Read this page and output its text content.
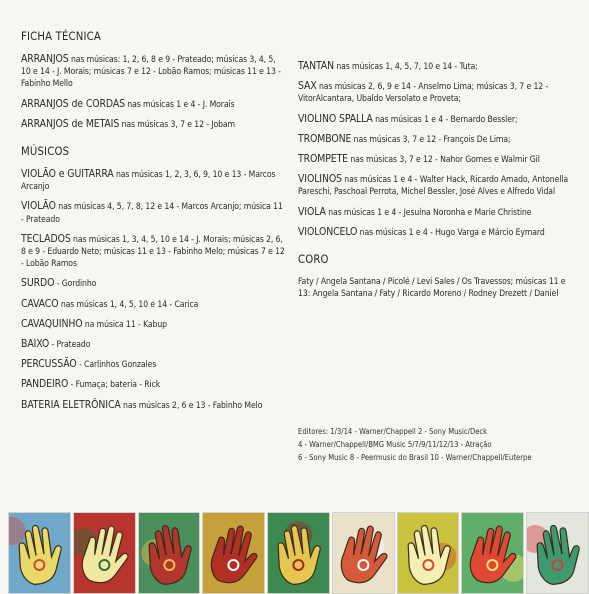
FICHA TÉCNICA

ARRANJOS nas músicas: 1, 2, 6, 8 e 9 - Prateado; músicas 3, 4, 5, 10 e 14 - J. Morais; músicas 7 e 12 - Lobão Ramos; músicas 11 e 13 - Fabinho Mello

ARRANJOS de CORDAS nas músicas 1 e 4 - J. Morais

ARRANJOS de METAIS nas músicas 3, 7 e 12 - Jobam

MÚSICOS

VIOLÃO e GUITARRA nas músicas 1, 2, 3, 6, 9, 10 e 13 - Marcos Arcanjo

VIOLÃO nas músicas 4, 5, 7, 8, 12 e 14 - Marcos Arcanjo; música 11 - Prateado

TECLADOS nas músicas 1, 3, 4, 5, 10 e 14 - J. Morais; músicas 2, 6, 8 e 9 - Eduardo Neto; músicas 11 e 13 - Fabinho Melo; músicas 7 e 12 - Lobão Ramos

SURDO - Gordinho

CAVACO nas músicas 1, 4, 5, 10 e 14 - Carica

CAVAQUINHO na música 11 - Kabup

BAIXO - Prateado

PERCUSSÃO - Carlinhos Gonzales

PANDEIRO - Fumaça; bateria - Rick

BATERIA ELETRÔNICA nas músicas 2, 6 e 13 - Fabinho Melo

TANTAN nas músicas 1, 4, 5, 7, 10 e 14 - Tuta;

SAX nas músicas 2, 6, 9 e 14 - Anselmo Lima; músicas 3, 7 e 12 - VitorAlcantara, Ubaldo Versolato e Proveta;

VIOLINO SPALLA nas músicas 1 e 4 - Bernardo Bessler;

TROMBONE nas músicas 3, 7 e 12 - François De Lima;

TROMPETE nas músicas 3, 7 e 12 - Nahor Gomes e Walmir Gil

VIOLINOS nas músicas 1 e 4 - Walter Hack, Ricardo Amado, Antonella Pareschi, Paschoal Perrota, Michel Bessler, José Alves e Alfredo Vidal

VIOLA nas músicas 1 e 4 - Jesuína Noronha e Marie Christine

VIOLONCELO nas músicas 1 e 4 - Hugo Varga e Márcio Eymard

CORO

Faty / Angela Santana / Picolé / Levi Sales / Os Travessos; músicas 11 e 13: Angela Santana / Faty / Ricardo Moreno / Rodney Drezett / Daniel

Editores: 1/3/14 - Warner/Chappell 2 - Sony Music/Deck
4 - Warner/Chappell/BMG Music 5/7/9/11/12/13 - Atração
6 - Sony Music 8 - Peermusic do Brasil 10 - Warner/Chappell/Euterpe
